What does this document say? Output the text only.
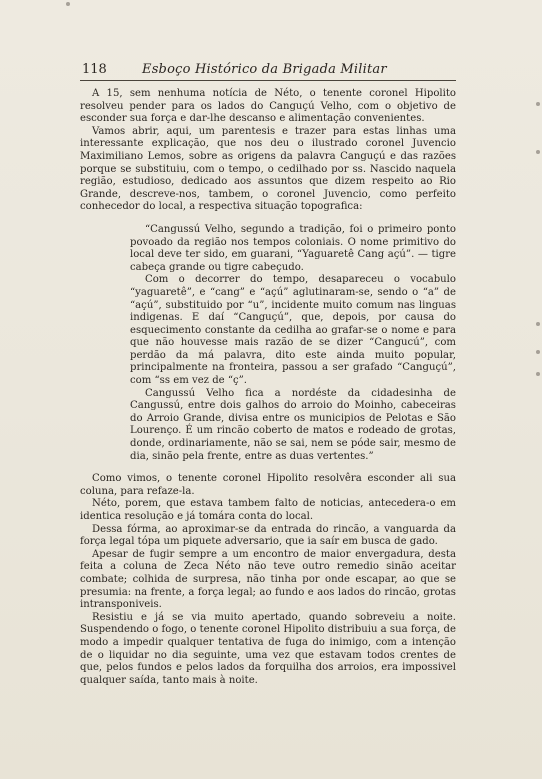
118	Esboço Histórico da Brigada Militar

A 15, sem nenhuma notícia de Néto, o tenente coronel Hipolito resolveu pender para os lados do Canguçú Velho, com o objetivo de esconder sua força e dar-lhe descanso e alimentação convenientes.

Vamos abrir, aqui, um parentesis e trazer para estas linhas uma interessante explicação, que nos deu o ilustrado coronel Juvencio Maximiliano Lemos, sobre as origens da palavra Canguçú e das razões porque se substituiu, com o tempo, o cedilhado por ss. Nascido naquela região, estudioso, dedicado aos assuntos que dizem respeito ao Rio Grande, descreve-nos, tambem, o coronel Juvencio, como perfeito conhecedor do local, a respectiva situação topografica:

“Cangussú Velho, segundo a tradição, foi o primeiro ponto povoado da região nos tempos coloniais. O nome primitivo do local deve ter sido, em guarani, “Yaguaretê Cang açú”. — tigre cabeça grande ou tigre cabeçudo.

Com o decorrer do tempo, desapareceu o vocabulo “yaguaretê”, e “cang” e “açú” aglutinaram-se, sendo o “a” de “açú”, substituido por “u”, incidente muito comum nas linguas indigenas. E daí “Canguçú”, que, depois, por causa do esquecimento constante da cedilha ao grafar-se o nome e para que não houvesse mais razão de se dizer “Cangucú”, com perdão da má palavra, dito este ainda muito popular, principalmente na fronteira, passou a ser grafado “Canguçú”, com “ss em vez de “ç”.

Cangussú Velho fica a nordéste da cidadesinha de Cangussú, entre dois galhos do arroio do Moinho, cabeceiras do Arroio Grande, divisa entre os municipios de Pelotas e São Lourenço. É um rincão coberto de matos e rodeado de grotas, donde, ordinariamente, não se sai, nem se póde sair, mesmo de dia, sinão pela frente, entre as duas vertentes.”

Como vimos, o tenente coronel Hipolito resolvêra esconder ali sua coluna, para refaze-la.

Néto, porem, que estava tambem falto de noticias, antecedera-o em identica resolução e já tomára conta do local.

Dessa fórma, ao aproximar-se da entrada do rincão, a vanguarda da força legal tópa um piquete adversario, que ia saír em busca de gado.

Apesar de fugir sempre a um encontro de maior envergadura, desta feita a coluna de Zeca Néto não teve outro remedio sinão aceitar combate; colhida de surpresa, não tinha por onde escapar, ao que se presumia: na frente, a força legal; ao fundo e aos lados do rincão, grotas intransponiveis.

Resistiu e já se via muito apertado, quando sobreveiu a noite. Suspendendo o fogo, o tenente coronel Hipolito distribuiu a sua força, de modo a impedir qualquer tentativa de fuga do inimigo, com a intenção de o liquidar no dia seguinte, uma vez que estavam todos crentes de que, pelos fundos e pelos lados da forquilha dos arroios, era impossivel qualquer saída, tanto mais à noite.
